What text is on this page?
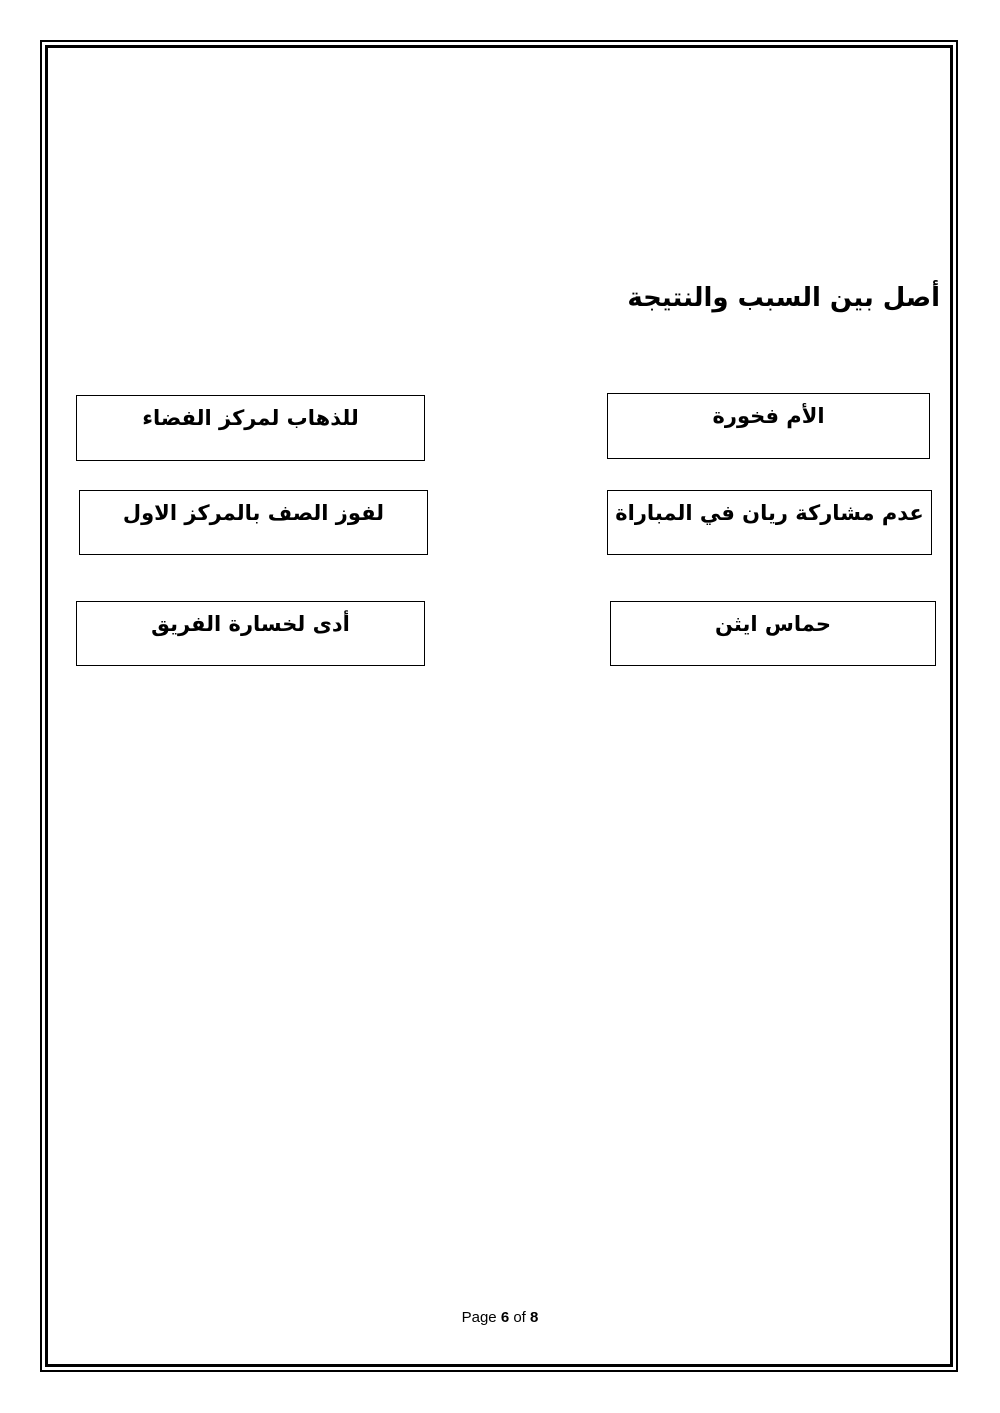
أصل بين السبب والنتيجة
الأم فخورة
عدم مشاركة ريان في المباراة
حماس ايثن
للذهاب لمركز الفضاء
لفوز الصف بالمركز الاول
أدى لخسارة الفريق
Page 6 of 8
